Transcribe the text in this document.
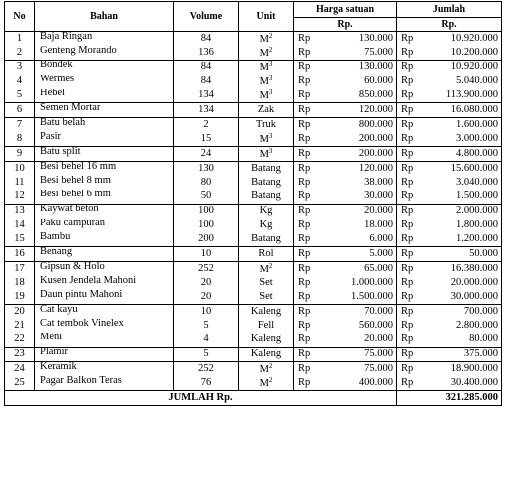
No	Bahan	Volume	Unit	Harga satuan		Jumlah	
				Rp.		Rp.	
1	Baja Ringan	84	$M^2$	Rp	130.000	Rp	10.920.000
2	Genteng Morando	136	$M^2$	Rp	75.000	Rp	10.200.000
3	Bondek	84	$M^3$	Rp	130.000	Rp	10.920.000
4	Wermes	84	$M^3$	Rp	60.000	Rp	5.040.000
5	Hebel	134	$M^3$	Rp	850.000	Rp	113.900.000
6	Semen Mortar	134	Zak	Rp	120.000	Rp	16.080.000
7	Batu belah	2	Truk	Rp	800.000	Rp	1.600.000
8	Pasir	15	$M^3$	Rp	200.000	Rp	3.000.000
9	Batu split	24	$M^3$	Rp	200.000	Rp	4.800.000
10	Besi behel 16 mm	130	Batang	Rp	120.000	Rp	15.600.000
11	Besi behel 8 mm	80	Batang	Rp	38.000	Rp	3.040.000
12	Besi behel 6 mm	50	Batang	Rp	30.000	Rp	1.500.000
13	Kaywat beton	100	Kg	Rp	20.000	Rp	2.000.000
14	Paku campuran	100	Kg	Rp	18.000	Rp	1.800.000
15	Bambu	200	Batang	Rp	6.000	Rp	1.200.000
16	Benang	10	Rol	Rp	5.000	Rp	50.000
17	Gipsun & Holo	252	$M^2$	Rp	65.000	Rp	16.380.000
18	Kusen Jendela Mahoni	20	Set	Rp	1.000.000	Rp	20.000.000
19	Daun pintu Mahoni	20	Set	Rp	1.500.000	Rp	30.000.000
20	Cat kayu	10	Kaleng	Rp	70.000	Rp	700.000
21	Cat tembok Vinelex	5	Fell	Rp	560.000	Rp	2.800.000
22	Meni	4	Kaleng	Rp	20.000	Rp	80.000
23	Plamir	5	Kaleng	Rp	75.000	Rp	375.000
24	Keramik	252	$M^2$	Rp	75.000	Rp	18.900.000
25	Pagar Balkon Teras	76	$M^2$	Rp	400.000	Rp	30.400.000
JUMLAH Rp.						321.285.000	
